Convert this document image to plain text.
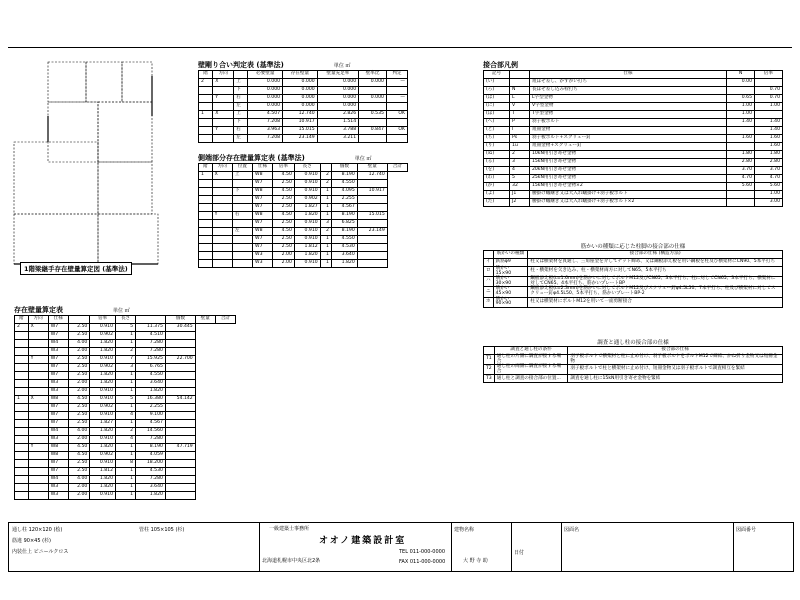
1階梁継手存在壁量算定図 (基準法)
壁剛り合い判定表 (基準法)	単位 ㎡
階	方向		必要壁量	存在壁量	壁量充足率	壁率比	判定
2	X	上	0.000	0.000	0.000	0.000	—
		下	0.000	0.000	0.000		
	Y	右	0.000	0.000	0.000	0.000	—
		左	0.000	0.000	0.000		
1	X	上	4.507	12.740	2.826	0.535	OK
		下	7.208	10.917	1.514		
	Y	右	3.963	15.015	3.788	0.847	OK
		左	7.208	23.149	3.211		
側端部分存在壁量算定表 (基準法)	単位 ㎡
階	方向	位置	仕様	倍率	長さ		個数	壁量	合計
1	X	上	W8	4.50	0.910	2	8.190	12.740	
			W7	2.50	0.910	2	4.550		
		下	W8	4.50	0.910	1	4.095	10.917	
			W7	2.50	0.902	1	2.255		
			W7	2.50	1.827	1	4.567		
	Y	右	W8	4.50	1.820	1	8.190	15.015	
			W7	2.50	0.910	3	6.825		
		左	W8	4.50	0.910	2	8.190	23.149	
			W7	2.50	0.910	1	4.550		
			W7	2.50	1.812	1	4.530		
			W3	2.00	1.820	1	3.640		
			W3	2.00	0.910	1	1.820		
存在壁量算定表	単位 ㎡
階	方向	仕様		倍率	長さ		個数	壁量	合計
2	X	W7	2.50	0.910	5	11.375	30.445		
		W7	2.50	0.902	1	4.510			
		W4	4.00	1.820	1	7.280			
		W3	2.00	1.820	2	7.280			
	Y	W7	2.50	0.910	7	15.925	22.700		
		W7	2.50	0.902	3	6.765			
		W7	2.50	1.820	1	4.550			
		W3	2.00	1.820	1	3.640			
		W3	2.00	0.910	1	1.820			
1	X	W8	4.50	0.910	5	16.380	54.142		
		W7	2.50	0.902	1	2.255			
		W7	2.50	0.910	4	9.100			
		W7	2.50	1.827	1	4.567			
		W4	4.00	1.820	2	14.560			
		W3	2.00	0.910	4	7.280			
	Y	W8	4.50	1.820	1	8.190	47.719		
		W8	4.50	0.902	1	4.059			
		W7	2.50	0.910	8	18.200			
		W7	2.50	1.812	1	4.530			
		W4	4.00	1.820	1	7.280			
		W3	2.00	1.820	1	3.640			
		W3	2.00	0.910	1	1.820			
接合部凡例
記号		仕様	N	倍率
(い)		短ほぞ差し、かすがい打ち	0.00	
(ろ)	N	長ほぞ差し込み栓打ち		0.70
(は)	L	L字型金物	0.65	0.70
(に)	V	V字型金物	1.00	1.00
(ほ)	T	T字型金物	1.00	
(へ)	P	羽子板ボルト	1.40	1.40
(と)	I	短冊金物		1.40
(ち)	Ps	羽子板ボルト+スクリュー釘	1.60	1.60
(り)	1u	短冊金物+スクリュー釘		1.60
(ぬ)	2	10kN用引き寄せ金物	1.80	1.80
(る)	3	15kN用引き寄せ金物	2.80	2.80
(を)	4	20kN用引き寄せ金物	3.70	3.70
(わ)	5	25kN用引き寄せ金物	4.70	4.70
(か)	32	15kN用引き寄せ金物×2	5.60	5.60
(よ)	J1	腰掛け蟻継ぎ又は大入れ蟻掛け+羽子板ボルト		1.00
(た)	J2	腰掛け蟻継ぎ又は大入れ蟻掛け+羽子板ボルト×2		3.00
筋かいの種類に応じた柱脚の接合部の仕様
	筋かいの種類	接合部の仕様 (構造方法)
イ	鉄筋φ9	柱又は横架材を貫通し、三角座金を介してナット締め、又は鋼板添え板を用い鋼板を柱及び横架材にCN90、5本平打ち
ロ	筋かい 15×90	柱・横架材を欠き込み、柱・横架材両方に対してN65、5本平打ち
ハ	筋かい 30×90	鋼板添え板(t=1.6mm)を筋かいに対してボルトM12及びCN65、3本平打ち、柱に対してCN65、3本平打ち、横架材に対してCN65、4本平打ち、筋かいプレートBP
ニ	筋かい 45×90	鋼板添え板(t=2.3mm)を筋かいに対してボルトM12及びスクリュー釘φ4.5L50、7本平打ち、柱及び横架材に対してスクリュー釘φ4.5L50、5本平打ち、筋かいプレートBP-2
ホ	筋かい 90×90	柱又は横架材にボルトM12を用いて一面剪断接合
調査と通し柱の接合部の仕様
	調査と通し柱の条件	接合部の仕様
T1	通し柱の片側に調査が接する場合	羽子板ボルトで横架材と柱に止め付け、羽子板ボルトをボルトM12で締結、かね折り金物又は短冊金物
T2	通し柱の両側に調査が接する場合	羽子板ボルトで柱と横架材に止め付け、短冊金物又は羽子板ボルトで調査相互を緊結
T3	通し柱と調査の接合部の位置...	調査を通し柱に15kN用引き寄せ金物を緊結
通し柱 120×120 (桧)	管柱 105×105 (杉)
筋違 90×45 (杉)
内装仕上 ビニールクロス
一級建築士事務所
オオノ建築設計室
北海道札幌市中央区北2条
TEL 011-000-0000
FAX 011-000-0000
建物名称
大 野 寺 助
日付
図面名	図面番号
